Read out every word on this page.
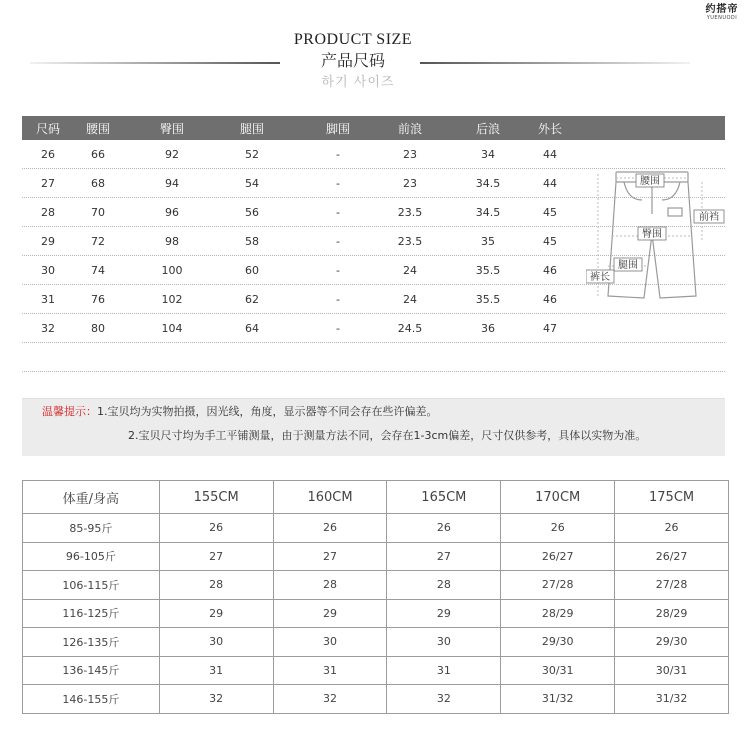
约搭帝
YUENUODI
PRODUCT SIZE
产品尺码
하기 사이즈
尺码	腰围	臀围	腿围	脚围	前浪	后浪	外长
26	66	92	52	-	23	34	44
27	68	94	54	-	23	34.5	44
28	70	96	56	-	23.5	34.5	45
29	72	98	58	-	23.5	35	45
30	74	100	60	-	24	35.5	46
31	76	102	62	-	24	35.5	46
32	80	104	64	-	24.5	36	47
腰围
臀围
腿围
前裆
裤长
温馨提示：1.宝贝均为实物拍摄，因光线，角度，显示器等不同会存在些许偏差。
2.宝贝尺寸均为手工平铺测量，由于测量方法不同，会存在1-3cm偏差，尺寸仅供参考，具体以实物为准。
体重/身高	155CM	160CM	165CM	170CM	175CM
85-95斤	26	26	26	26	26
96-105斤	27	27	27	26/27	26/27
106-115斤	28	28	28	27/28	27/28
116-125斤	29	29	29	28/29	28/29
126-135斤	30	30	30	29/30	29/30
136-145斤	31	31	31	30/31	30/31
146-155斤	32	32	32	31/32	31/32
